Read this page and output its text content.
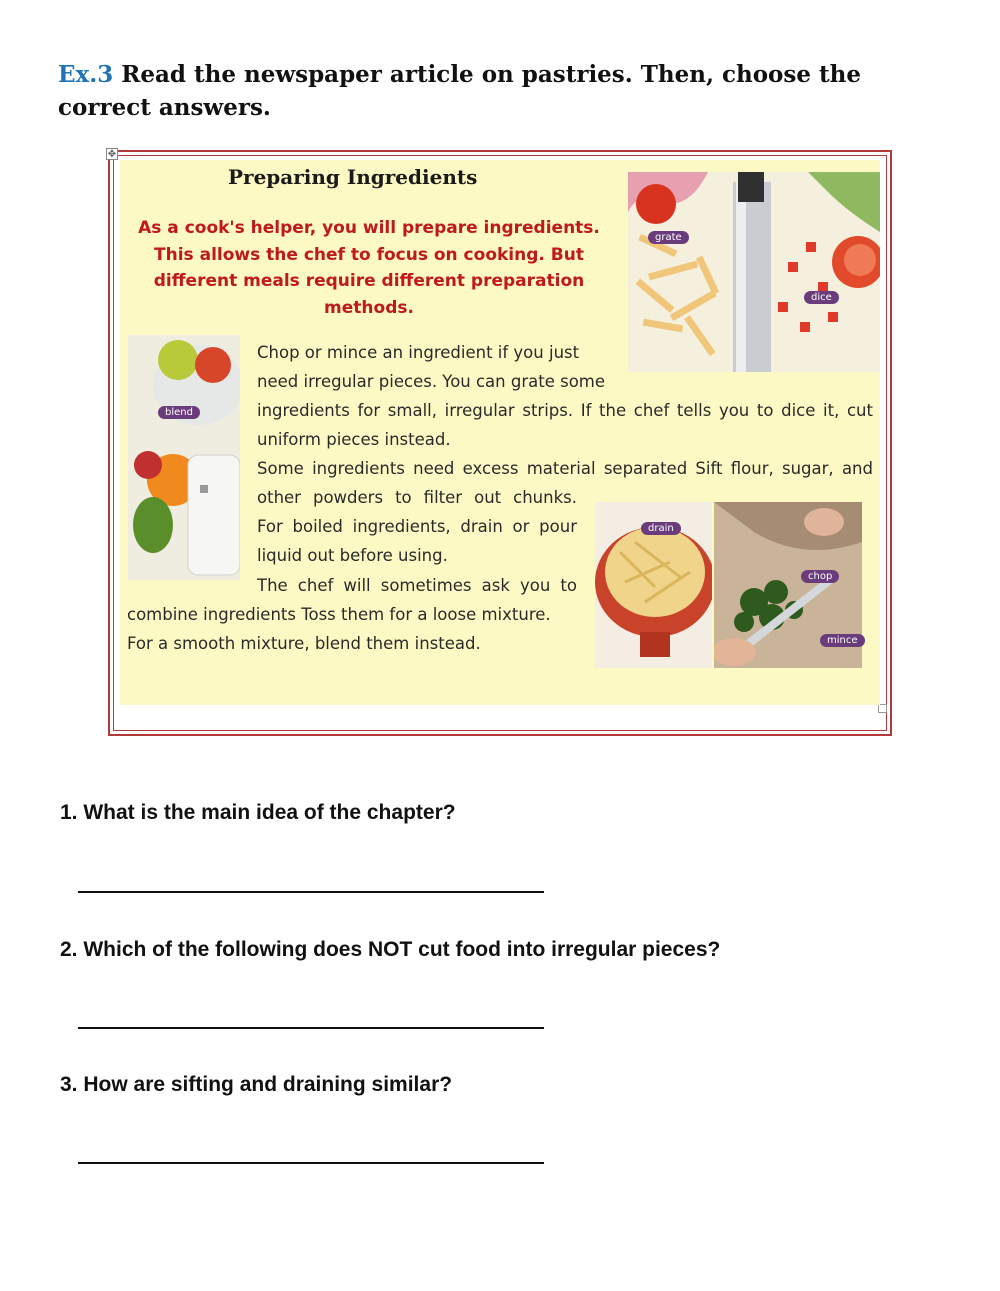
Ex.3 Read the newspaper article on pastries. Then, choose the correct answers.
✥
grate
dice
blend
drain
chop
mince
Preparing Ingredients
As a cook's helper, you will prepare ingredients. This allows the chef to focus on cooking. But different meals require different preparation methods.
Chop or mince an ingredient if you just
need irregular pieces. You can grate some
ingredients for small, irregular strips. If the chef tells you to dice it, cut
uniform pieces instead.
Some ingredients need excess material separated Sift flour, sugar, and
other powders to filter out chunks.
For boiled ingredients, drain or pour
liquid out before using.
The chef will sometimes ask you to
combine ingredients Toss them for a loose mixture.
For a smooth mixture, blend them instead.
1. What is the main idea of the chapter?
2. Which of the following does NOT cut food into irregular pieces?
3. How are sifting and draining similar?
